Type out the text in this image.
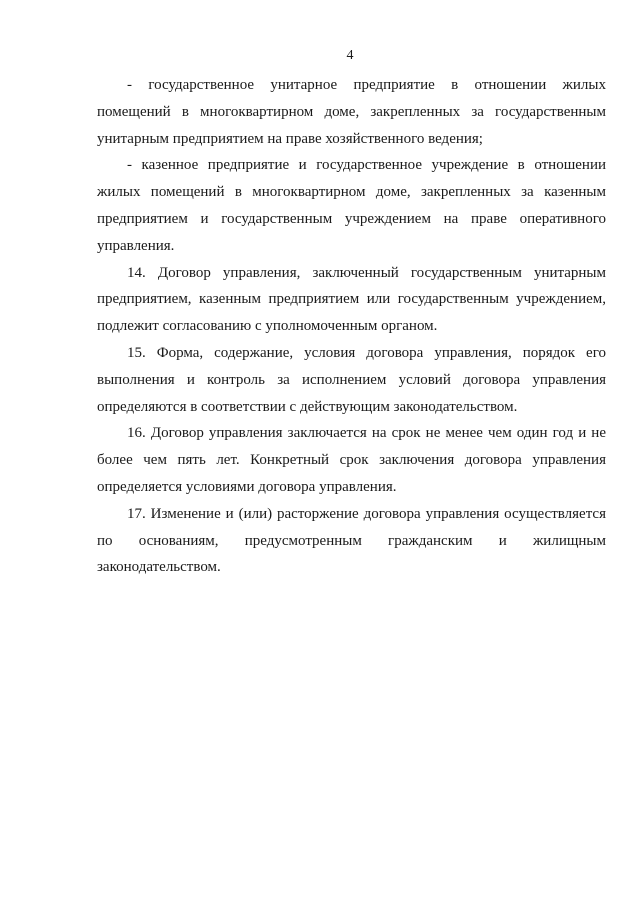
4

- государственное унитарное предприятие в отношении жилых помещений в многоквартирном доме, закрепленных за государственным унитарным предприятием на праве хозяйственного ведения;

- казенное предприятие и государственное учреждение в отношении жилых помещений в многоквартирном доме, закрепленных за казенным предприятием и государственным учреждением на праве оперативного управления.

14. Договор управления, заключенный государственным унитарным предприятием, казенным предприятием или государственным учреждением, подлежит согласованию с уполномоченным органом.

15. Форма, содержание, условия договора управления, порядок его выполнения и контроль за исполнением условий договора управления определяются в соответствии с действующим законодательством.

16. Договор управления заключается на срок не менее чем один год и не более чем пять лет. Конкретный срок заключения договора управления определяется условиями договора управления.

17. Изменение и (или) расторжение договора управления осуществляется по основаниям, предусмотренным гражданским и жилищным законодательством.
